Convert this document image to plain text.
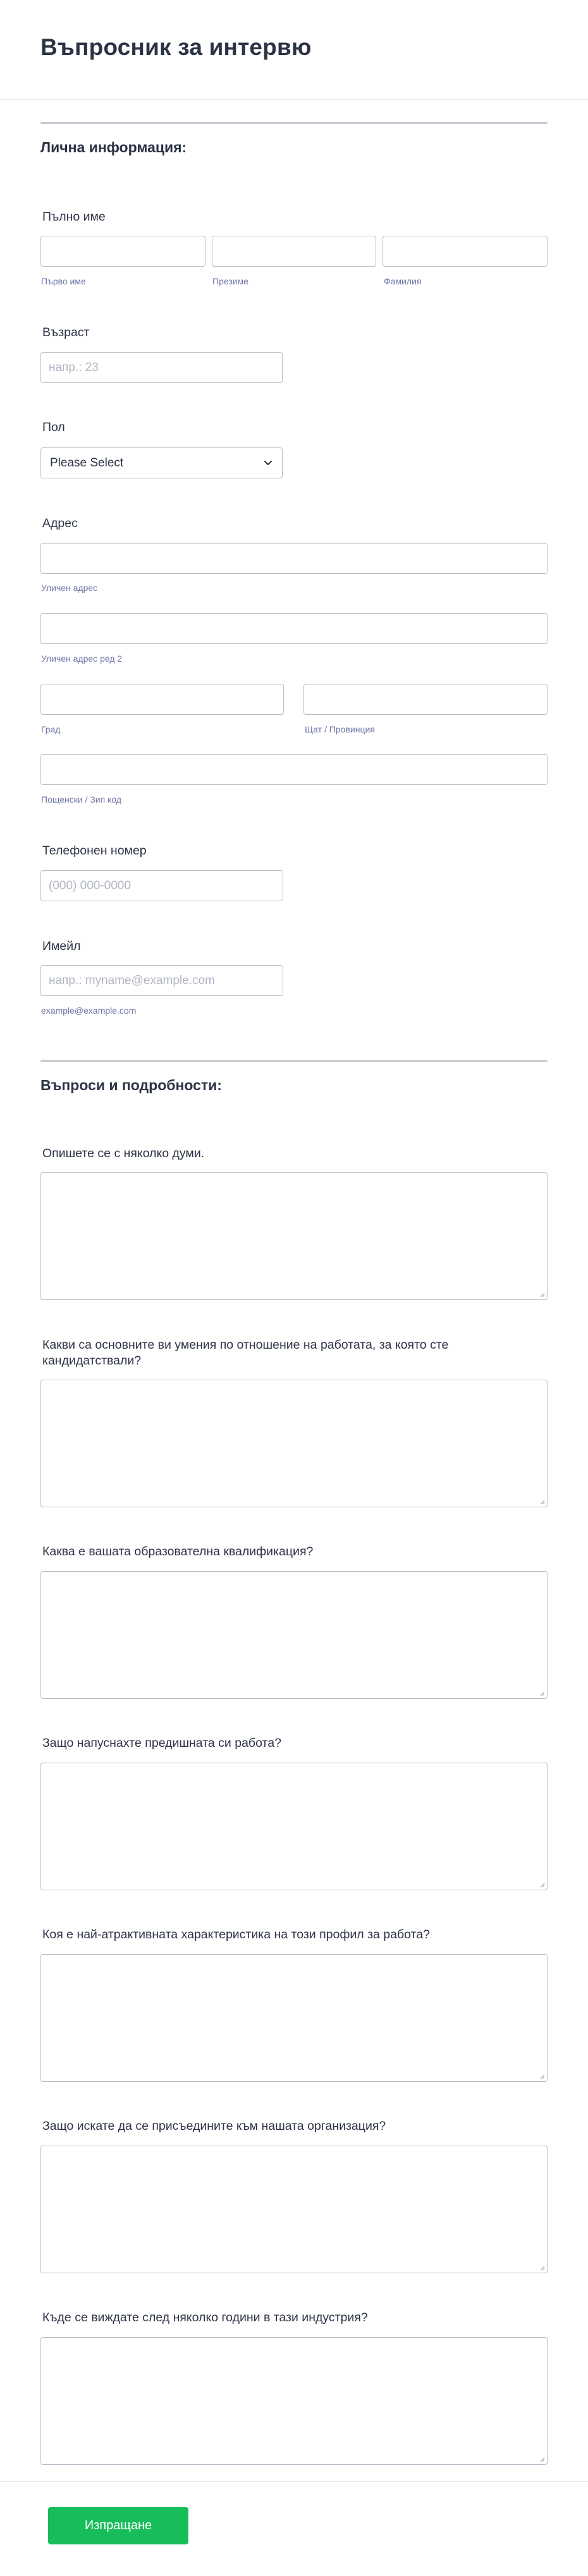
Въпросник за интервю
Лична информация:
Пълно име
Първо име	Презиме	Фамилия
Възраст
напр.: 23
Пол
Please Select
Адрес
Уличен адрес
Уличен адрес ред 2
Град	Щат / Провинция
Пощенски / Зип код
Телефонен номер
(000) 000-0000
Имейл
напр.: myname@example.com
example@example.com
Въпроси и подробности:
Опишете се с няколко думи.
Какви са основните ви умения по отношение на работата, за която сте кандидатствали?
Каква е вашата образователна квалификация?
Защо напуснахте предишната си работа?
Коя е най-атрактивната характеристика на този профил за работа?
Защо искате да се присъедините към нашата организация?
Къде се виждате след няколко години в тази индустрия?
Изпращане
